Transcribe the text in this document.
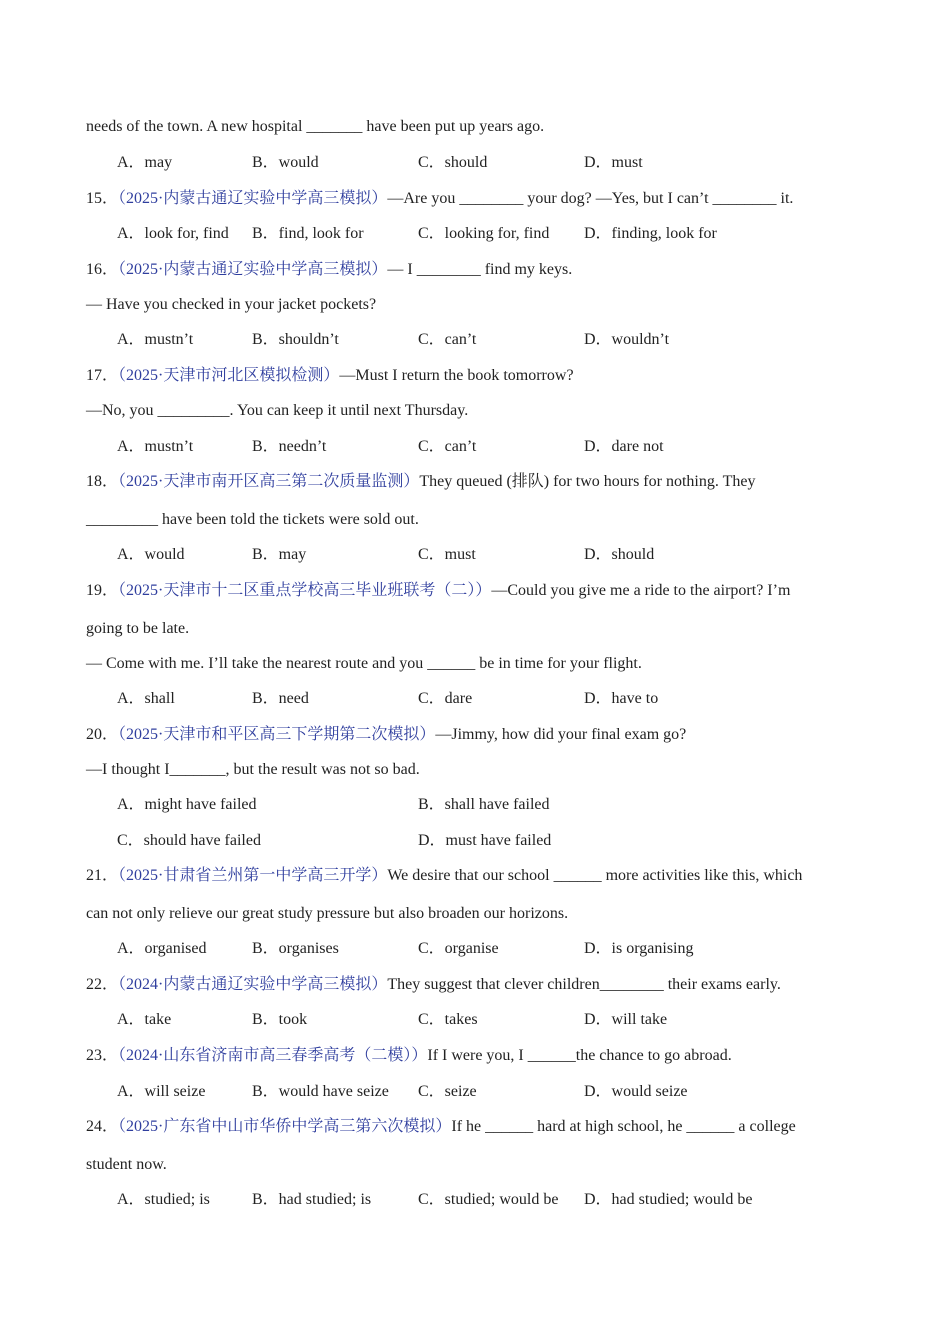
needs of the town. A new hospital _______ have been put up years ago.
A．may	B．would	C．should	D．must
15．（2025·内蒙古通辽实验中学高三模拟）—Are you ________ your dog? —Yes, but I can’t ________ it.
A．look for, find B．find, look for	C．looking for, find D．finding, look for
16．（2025·内蒙古通辽实验中学高三模拟）— I ________ find my keys.
— Have you checked in your jacket pockets?
A．mustn’t	B．shouldn’t	C．can’t	D．wouldn’t
17．（2025·天津市河北区模拟检测）—Must I return the book tomorrow?
—No, you _________. You can keep it until next Thursday.
A．mustn’t	B．needn’t	C．can’t	D．dare not
18．（2025·天津市南开区高三第二次质量监测）They queued (排队) for two hours for nothing. They
_________ have been told the tickets were sold out.
A．would	B．may	C．must	D．should
19．（2025·天津市十二区重点学校高三毕业班联考（二））—Could you give me a ride to the airport? I’m
going to be late.
— Come with me. I’ll take the nearest route and you ______ be in time for your flight.
A．shall	B．need	C．dare	D．have to
20．（2025·天津市和平区高三下学期第二次模拟）—Jimmy, how did your final exam go?
—I thought I_______, but the result was not so bad.
A．might have failed	B．shall have failed
C．should have failed	D．must have failed
21．（2025·甘肃省兰州第一中学高三开学）We desire that our school ______ more activities like this, which
can not only relieve our great study pressure but also broaden our horizons.
A．organised	B．organises	C．organise	D．is organising
22．（2024·内蒙古通辽实验中学高三模拟）They suggest that clever children________ their exams early.
A．take	B．took	C．takes	D．will take
23．（2024·山东省济南市高三春季高考（二模））If I were you, I ______the chance to go abroad.
A．will seize	B．would have seize C．seize	D．would seize
24．（2025·广东省中山市华侨中学高三第六次模拟）If he ______ hard at high school, he ______ a college
student now.
A．studied; is	B．had studied; is	C．studied; would be D．had studied; would be
